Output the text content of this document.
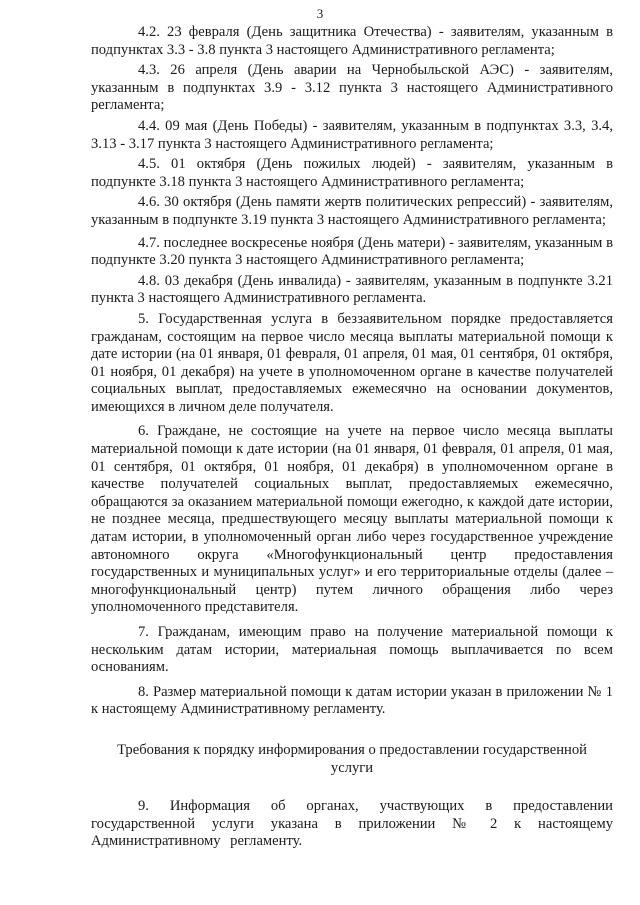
3

4.2. 23 февраля (День защитника Отечества) - заявителям, указанным в подпунктах 3.3 - 3.8 пункта 3 настоящего Административного регламента;

4.3. 26 апреля (День аварии на Чернобыльской АЭС) - заявителям, указанным в подпунктах 3.9 - 3.12 пункта 3 настоящего Административного регламента;

4.4. 09 мая (День Победы) - заявителям, указанным в подпунктах 3.3, 3.4, 3.13 - 3.17 пункта 3 настоящего Административного регламента;

4.5. 01 октября (День пожилых людей) - заявителям, указанным в подпункте 3.18 пункта 3 настоящего Административного регламента;

4.6. 30 октября (День памяти жертв политических репрессий) - заявителям, указанным в подпункте 3.19 пункта 3 настоящего Административного регламента;

4.7. последнее воскресенье ноября (День матери) - заявителям, указанным в подпункте 3.20 пункта 3 настоящего Административного регламента;

4.8. 03 декабря (День инвалида) - заявителям, указанным в подпункте 3.21 пункта 3 настоящего Административного регламента.

5. Государственная услуга в беззаявительном порядке предоставляется гражданам, состоящим на первое число месяца выплаты материальной помощи к дате истории (на 01 января, 01 февраля, 01 апреля, 01 мая, 01 сентября, 01 октября, 01 ноября, 01 декабря) на учете в уполномоченном органе в качестве получателей социальных выплат, предоставляемых ежемесячно на основании документов, имеющихся в личном деле получателя.

6. Граждане, не состоящие на учете на первое число месяца выплаты материальной помощи к дате истории (на 01 января, 01 февраля, 01 апреля, 01 мая, 01 сентября, 01 октября, 01 ноября, 01 декабря) в уполномоченном органе в качестве получателей социальных выплат, предоставляемых ежемесячно, обращаются за оказанием материальной помощи ежегодно, к каждой дате истории, не позднее месяца, предшествующего месяцу выплаты материальной помощи к датам истории, в уполномоченный орган либо через государственное учреждение автономного округа «Многофункциональный центр предоставления государственных и муниципальных услуг» и его территориальные отделы (далее – многофункциональный центр) путем личного обращения либо через уполномоченного представителя.

7. Гражданам, имеющим право на получение материальной помощи к нескольким датам истории, материальная помощь выплачивается по всем основаниям.

8. Размер материальной помощи к датам истории указан в приложении № 1 к настоящему Административному регламенту.

Требования к порядку информирования о предоставлении государственной услуги

9. Информация об органах, участвующих в предоставлении государственной услуги указана в приложении № 2 к настоящему Административному регламенту.
